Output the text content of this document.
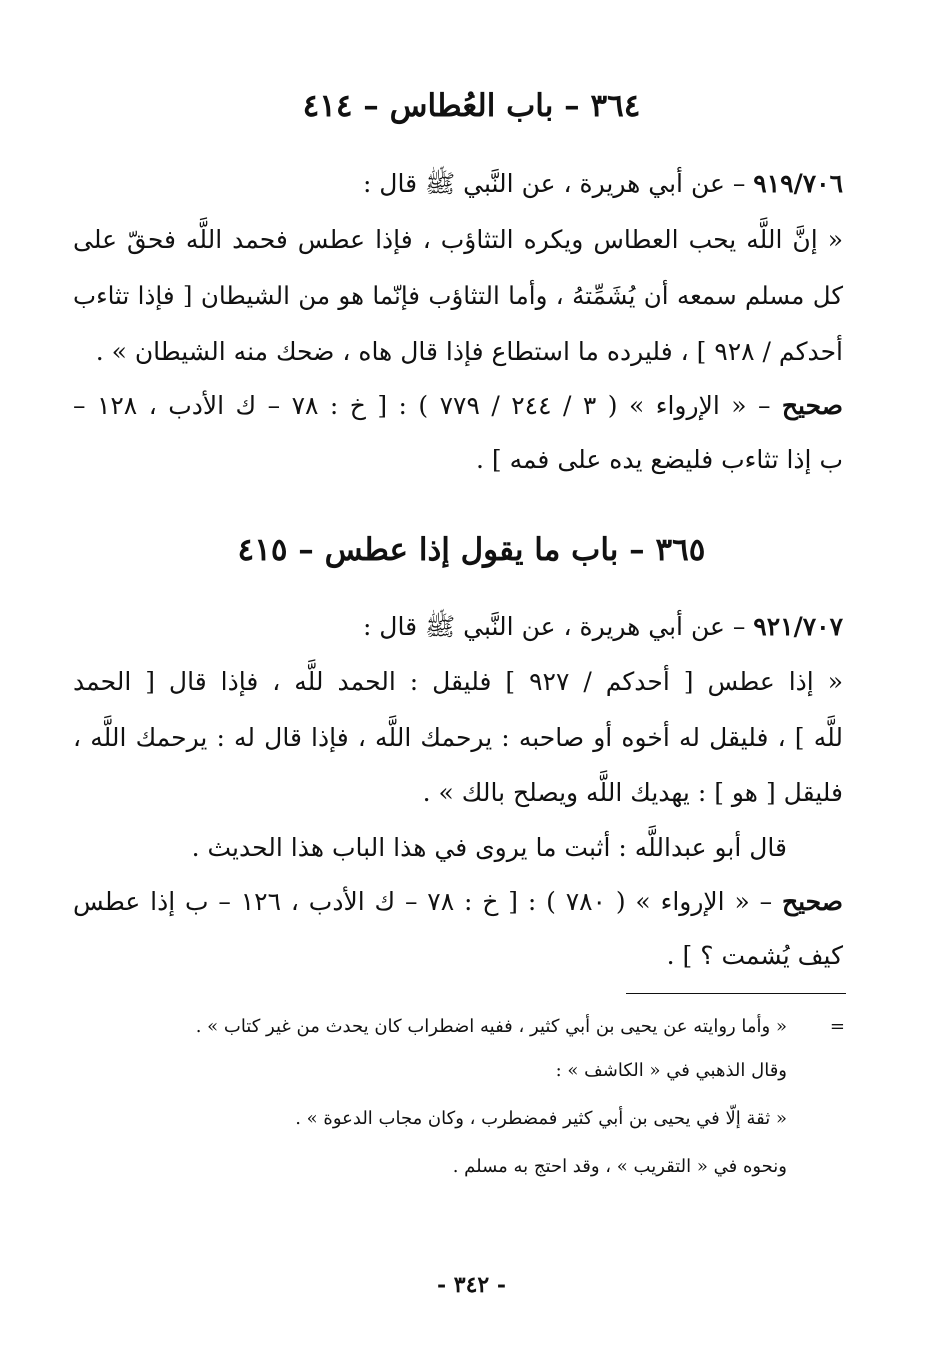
٣٦٤ – باب العُطاس – ٤١٤
٩١٩/٧٠٦ – عن أبي هريرة ، عن النَّبي ﷺ قال :
« إنَّ اللَّه يحب العطاس ويكره التثاؤب ، فإذا عطس فحمد اللَّه فحقّ على
كل مسلم سمعه أن يُشَمِّتهُ ، وأما التثاؤب فإنّما هو من الشيطان [ فإذا تثاءب
أحدكم / ٩٢٨ ] ، فليرده ما استطاع فإذا قال هاه ، ضحك منه الشيطان » .
صحيح – « الإرواء » ( ٣ / ٢٤٤ / ٧٧٩ ) : [ خ : ٧٨ – ك الأدب ، ١٢٨ –
ب إذا تثاءب فليضع يده على فمه ] .
٣٦٥ – باب ما يقول إذا عطس – ٤١٥
٩٢١/٧٠٧ – عن أبي هريرة ، عن النَّبي ﷺ قال :
« إذا عطس [ أحدكم / ٩٢٧ ] فليقل : الحمد للَّه ، فإذا قال [ الحمد
للَّه ] ، فليقل له أخوه أو صاحبه : يرحمك اللَّه ، فإذا قال له : يرحمك اللَّه ،
فليقل [ هو ] : يهديك اللَّه ويصلح بالك » .
قال أبو عبداللَّه : أثبت ما يروى في هذا الباب هذا الحديث .
صحيح – « الإرواء » ( ٧٨٠ ) : [ خ : ٧٨ – ك الأدب ، ١٢٦ – ب إذا عطس
كيف يُشمت ؟ ] .
=
« وأما روايته عن يحيى بن أبي كثير ، ففيه اضطراب كان يحدث من غير كتاب » .
وقال الذهبي في « الكاشف » :
« ثقة إلّا في يحيى بن أبي كثير فمضطرب ، وكان مجاب الدعوة » .
ونحوه في « التقريب » ، وقد احتج به مسلم .
- ٣٤٢ -
